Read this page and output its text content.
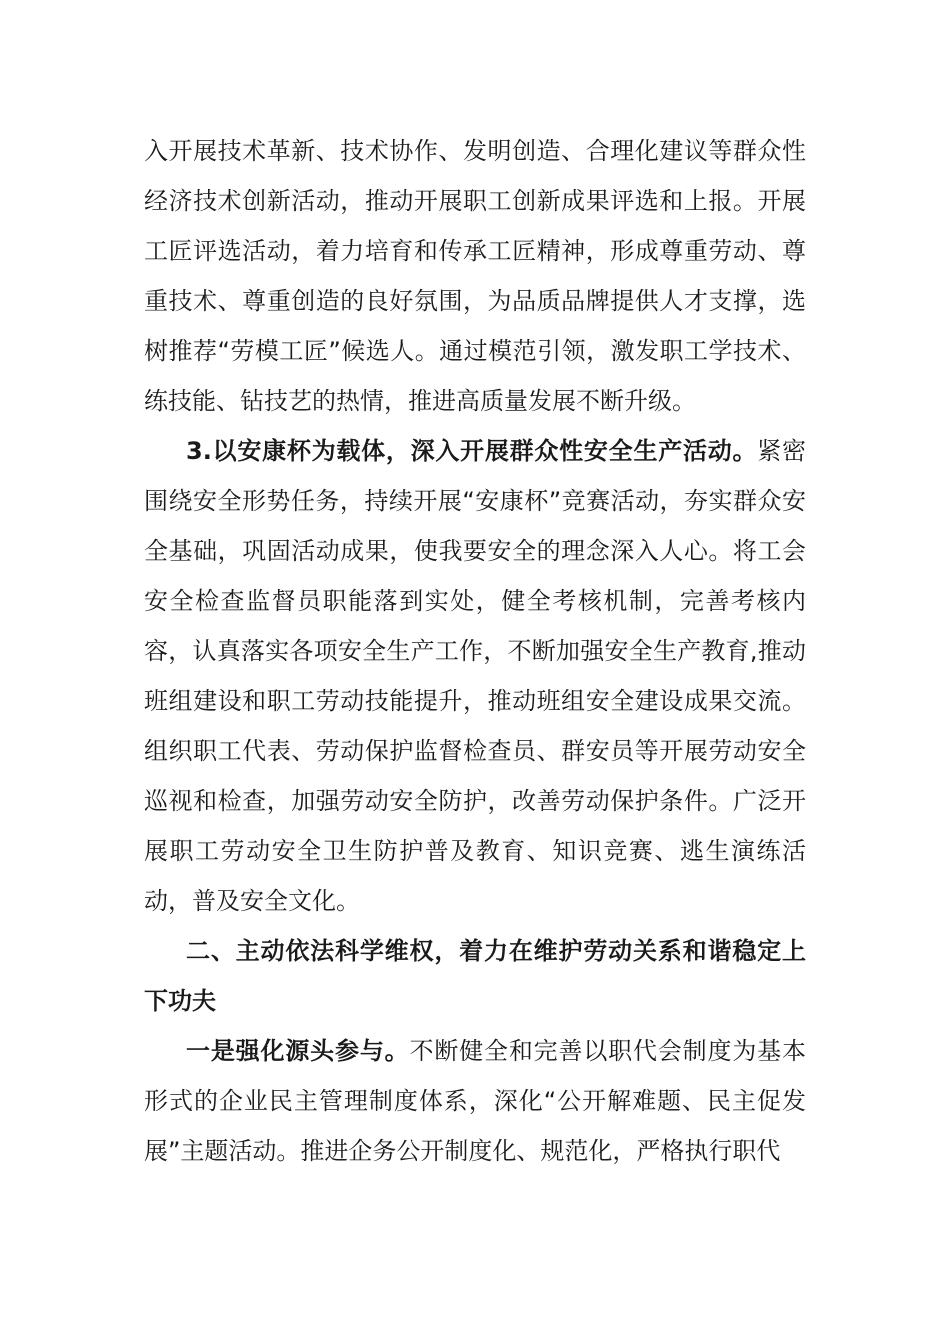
入开展技术革新、技术协作、发明创造、合理化建议等群众性经济技术创新活动，推动开展职工创新成果评选和上报。开展工匠评选活动，着力培育和传承工匠精神，形成尊重劳动、尊重技术、尊重创造的良好氛围，为品质品牌提供人才支撑，选树推荐“劳模工匠”候选人。通过模范引领，激发职工学技术、练技能、钻技艺的热情，推进高质量发展不断升级。

3.以安康杯为载体，深入开展群众性安全生产活动。紧密围绕安全形势任务，持续开展“安康杯”竞赛活动，夯实群众安全基础，巩固活动成果，使我要安全的理念深入人心。将工会安全检查监督员职能落到实处，健全考核机制，完善考核内容，认真落实各项安全生产工作，不断加强安全生产教育,推动班组建设和职工劳动技能提升，推动班组安全建设成果交流。组织职工代表、劳动保护监督检查员、群安员等开展劳动安全巡视和检查，加强劳动安全防护，改善劳动保护条件。广泛开展职工劳动安全卫生防护普及教育、知识竞赛、逃生演练活动，普及安全文化。

二、主动依法科学维权，着力在维护劳动关系和谐稳定上下功夫

一是强化源头参与。不断健全和完善以职代会制度为基本形式的企业民主管理制度体系，深化“公开解难题、民主促发展”主题活动。推进企务公开制度化、规范化，严格执行职代
